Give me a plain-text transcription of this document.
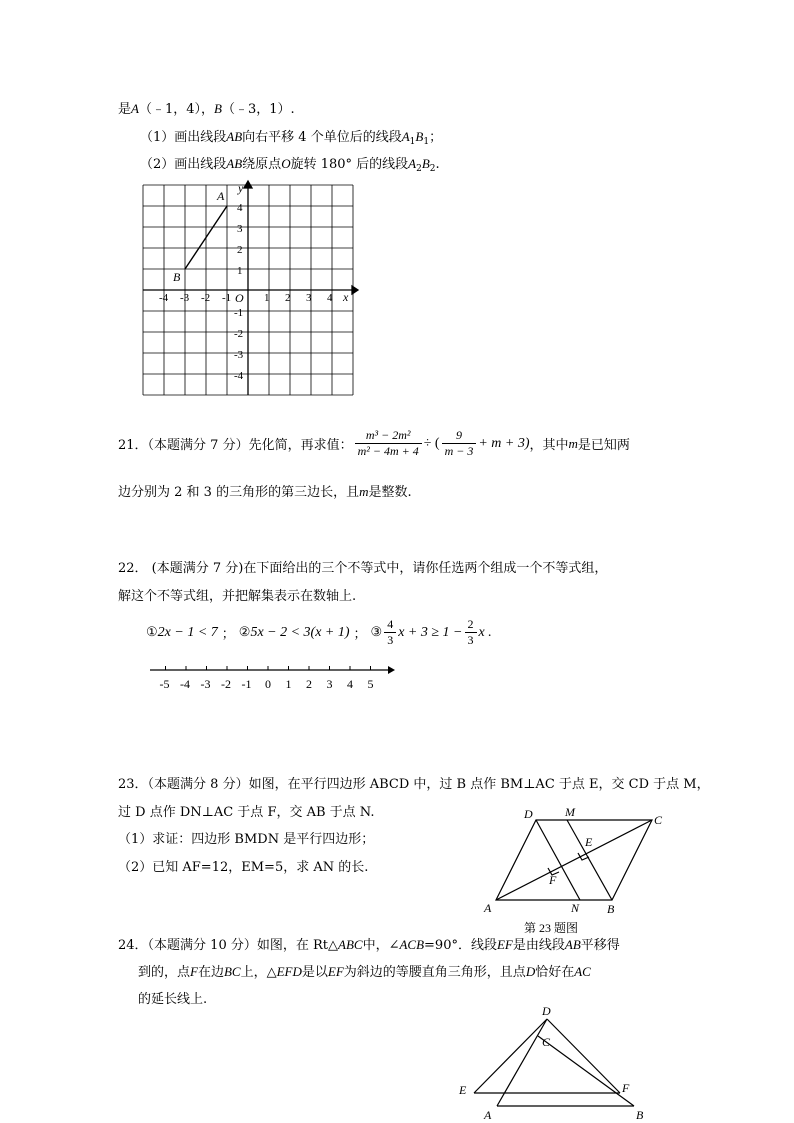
是A（﹣1，4），B（﹣3，1）.
（1）画出线段AB向右平移 4 个单位后的线段$A_1B_1$；
（2）画出线段AB绕原点O旋转 180° 后的线段$A_2B_2$.
-4 -3 -2 -1	1 2 3 4
4
3
2
1
-1
-2
-3
-4
O	x
y
A
B
21．（本题满分 7 分）先化简，再求值： $\frac{\text{m³ − 2m²}}{\text{m² − 4m + 4}}$ ÷ ( $\frac{9}{m - 3} + m + 3$) ，其中 m 是已知两
边分别为 2 和 3 的三角形的第三边长，且m是整数.
22． (本题满分 7 分)在下面给出的三个不等式中，请你任选两个组成一个不等式组，
解这个不等式组，并把解集表示在数轴上.
① 2x − 1 < 7 ； ② 5x − 2 < 3(x + 1) ； ③ $\frac{4}{3}$ $x + 3 \ge 1 - \frac{2}{3}$ x .
-5 -4 -3 -2 -1 0 1 2 3 4 5
23．（本题满分 8 分）如图，在平行四边形 ABCD 中，过 B 点作 BM⊥AC 于点 E，交 CD 于点 M，
过 D 点作 DN⊥AC 于点 F，交 AB 于点 N.
（1）求证：四边形 BMDN 是平行四边形；
（2）已知 AF=12，EM=5，求 AN 的长.
D	M
C
E
F
A	N B
第 23 题图
24．（本题满分 10 分）如图，在 Rt△ABC中，∠ACB=90°．线段EF是由线段AB平移得
到的，点F在边BC上，△EFD是以EF为斜边的等腰直角三角形，且点D恰好在AC
的延长线上.
D
C
E	F
A	B
